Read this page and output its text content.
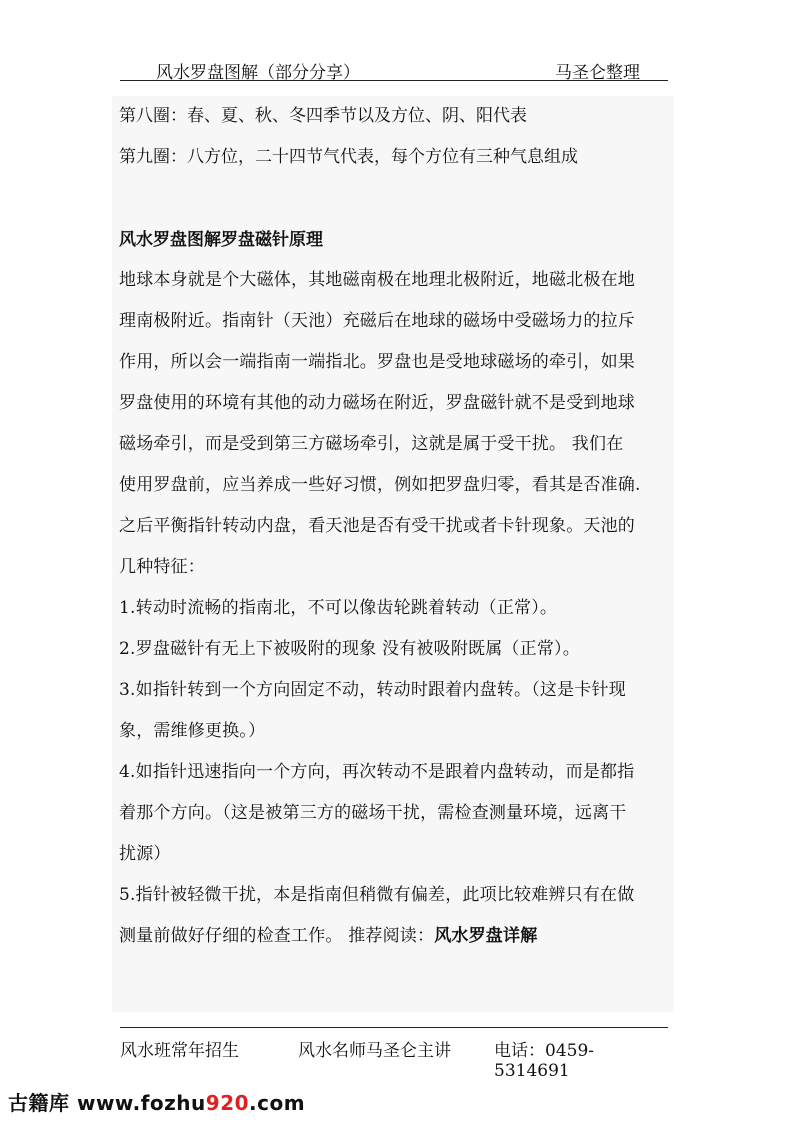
风水罗盘图解（部分分享）	马圣仑整理
第八圈：春、夏、秋、冬四季节以及方位、阴、阳代表
第九圈：八方位，二十四节气代表，每个方位有三种气息组成
风水罗盘图解罗盘磁针原理
地球本身就是个大磁体，其地磁南极在地理北极附近，地磁北极在地
理南极附近。指南针（天池）充磁后在地球的磁场中受磁场力的拉斥
作用，所以会一端指南一端指北。罗盘也是受地球磁场的牵引，如果
罗盘使用的环境有其他的动力磁场在附近，罗盘磁针就不是受到地球
磁场牵引，而是受到第三方磁场牵引，这就是属于受干扰。 我们在
使用罗盘前，应当养成一些好习惯，例如把罗盘归零，看其是否准确.
之后平衡指针转动内盘，看天池是否有受干扰或者卡针现象。天池的
几种特征：
1.转动时流畅的指南北，不可以像齿轮跳着转动（正常）。
2.罗盘磁针有无上下被吸附的现象 没有被吸附既属（正常）。
3.如指针转到一个方向固定不动，转动时跟着内盘转。（这是卡针现
象，需维修更换。）
4.如指针迅速指向一个方向，再次转动不是跟着内盘转动，而是都指
着那个方向。（这是被第三方的磁场干扰，需检查测量环境，远离干
扰源）
5.指针被轻微干扰，本是指南但稍微有偏差，此项比较难辨只有在做
测量前做好仔细的检查工作。 推荐阅读：风水罗盘详解
风水班常年招生	风水名师马圣仑主讲	电话：0459-5314691
古籍库 www.fozhu920.com
